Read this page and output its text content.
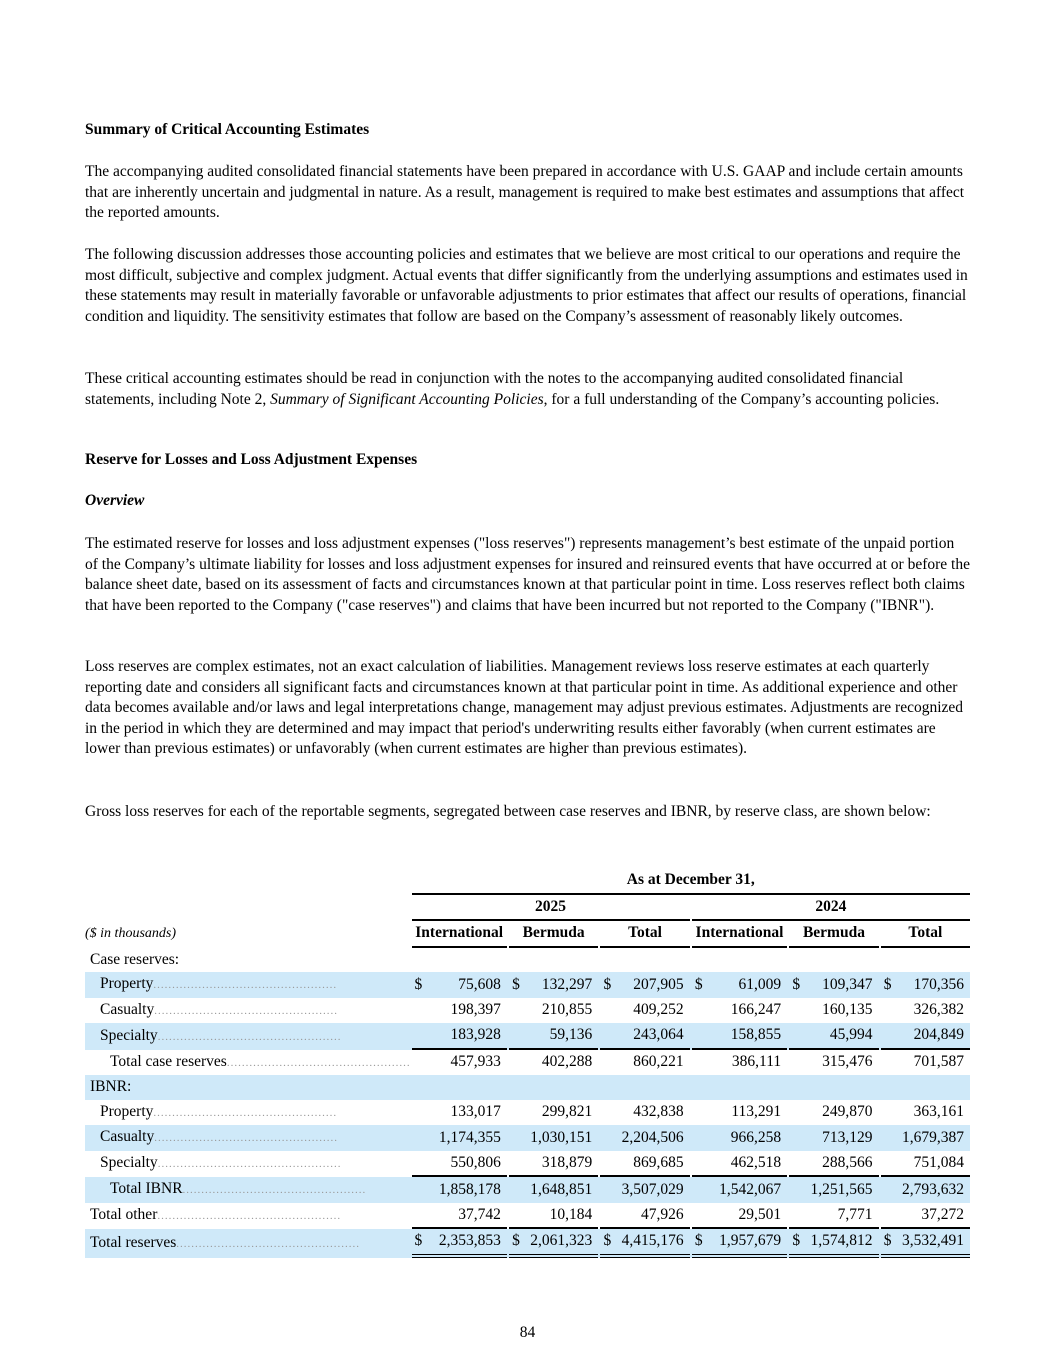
Summary of Critical Accounting Estimates
The accompanying audited consolidated financial statements have been prepared in accordance with U.S. GAAP and include certain amounts that are inherently uncertain and judgmental in nature. As a result, management is required to make best estimates and assumptions that affect the reported amounts.
The following discussion addresses those accounting policies and estimates that we believe are most critical to our operations and require the most difficult, subjective and complex judgment. Actual events that differ significantly from the underlying assumptions and estimates used in these statements may result in materially favorable or unfavorable adjustments to prior estimates that affect our results of operations, financial condition and liquidity. The sensitivity estimates that follow are based on the Company’s assessment of reasonably likely outcomes.
These critical accounting estimates should be read in conjunction with the notes to the accompanying audited consolidated financial statements, including Note 2, Summary of Significant Accounting Policies, for a full understanding of the Company’s accounting policies.
Reserve for Losses and Loss Adjustment Expenses
Overview
The estimated reserve for losses and loss adjustment expenses ("loss reserves") represents management’s best estimate of the unpaid portion of the Company’s ultimate liability for losses and loss adjustment expenses for insured and reinsured events that have occurred at or before the balance sheet date, based on its assessment of facts and circumstances known at that particular point in time. Loss reserves reflect both claims that have been reported to the Company ("case reserves") and claims that have been incurred but not reported to the Company ("IBNR").
Loss reserves are complex estimates, not an exact calculation of liabilities. Management reviews loss reserve estimates at each quarterly reporting date and considers all significant facts and circumstances known at that particular point in time. As additional experience and other data becomes available and/or laws and legal interpretations change, management may adjust previous estimates. Adjustments are recognized in the period in which they are determined and may impact that period's underwriting results either favorably (when current estimates are lower than previous estimates) or unfavorably (when current estimates are higher than previous estimates).
Gross loss reserves for each of the reportable segments, segregated between case reserves and IBNR, by reserve class, are shown below:
		As at December 31,																
		2025									2024							
($ in thousands)		International			Bermuda			Total			International			Bermuda			Total	
Case reserves:																	
Property.................................................		$	75,608		$	132,297		$	207,905		$	61,009		$	109,347		$	170,356
Casualty.................................................		198,397			210,855			409,252			166,247			160,135			326,382	
Specialty.................................................		183,928			59,136			243,064			158,855			45,994			204,849	
Total case reserves.................................................		457,933			402,288			860,221			386,111			315,476			701,587	
IBNR:																	
Property.................................................		133,017			299,821			432,838			113,291			249,870			363,161	
Casualty.................................................		1,174,355			1,030,151			2,204,506			966,258			713,129			1,679,387	
Specialty.................................................		550,806			318,879			869,685			462,518			288,566			751,084	
Total IBNR.................................................		1,858,178			1,648,851			3,507,029			1,542,067			1,251,565			2,793,632	
Total other.................................................		37,742			10,184			47,926			29,501			7,771			37,272	
Total reserves.................................................		$	2,353,853		$	2,061,323		$	4,415,176		$	1,957,679		$	1,574,812		$	3,532,491
84
